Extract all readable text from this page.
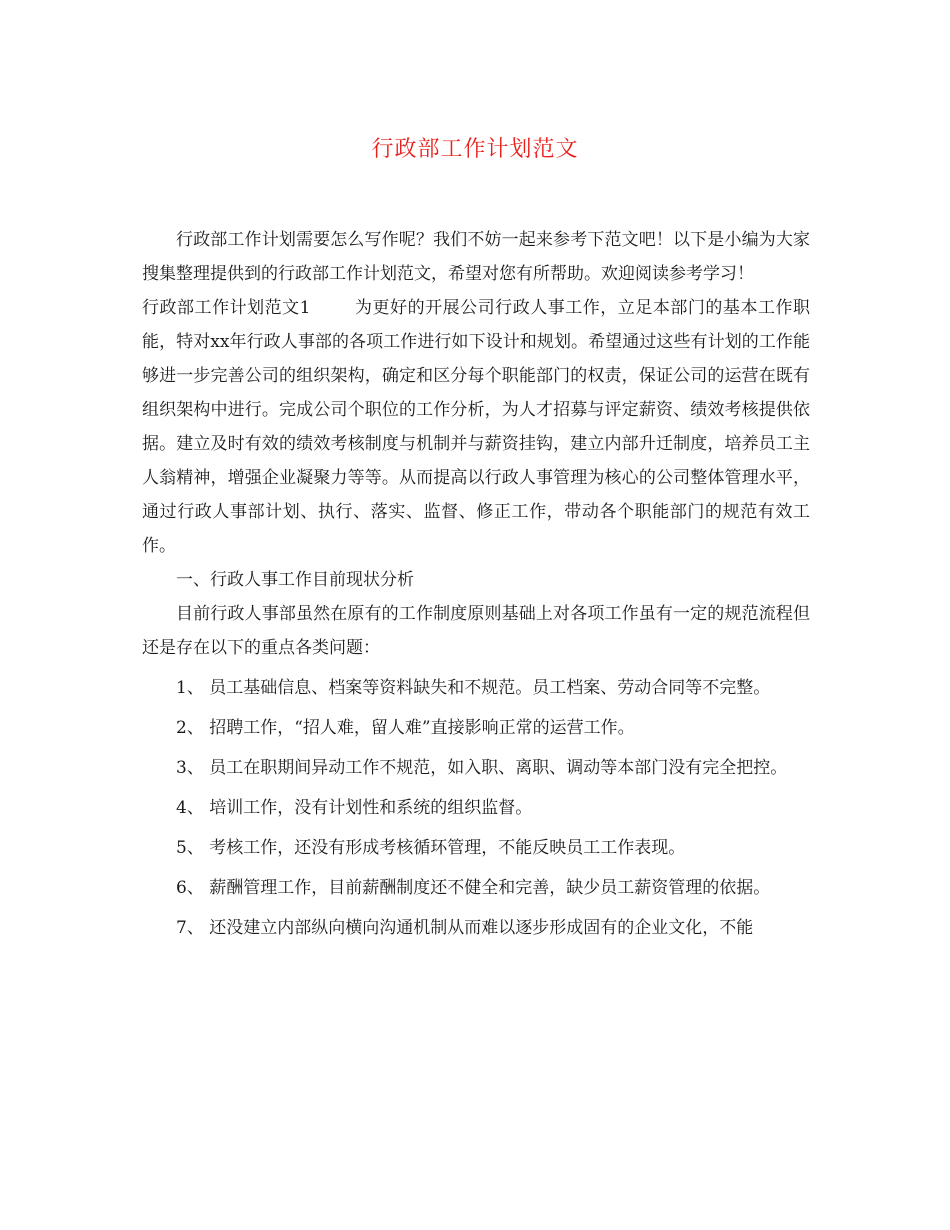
行政部工作计划范文

行政部工作计划需要怎么写作呢？我们不妨一起来参考下范文吧！以下是小编为大家搜集整理提供到的行政部工作计划范文，希望对您有所帮助。欢迎阅读参考学习！

行政部工作计划范文1	为更好的开展公司行政人事工作，立足本部门的基本工作职能，特对xx年行政人事部的各项工作进行如下设计和规划。希望通过这些有计划的工作能够进一步完善公司的组织架构，确定和区分每个职能部门的权责，保证公司的运营在既有组织架构中进行。完成公司个职位的工作分析，为人才招募与评定薪资、绩效考核提供依据。建立及时有效的绩效考核制度与机制并与薪资挂钩，建立内部升迁制度，培养员工主人翁精神，增强企业凝聚力等等。从而提高以行政人事管理为核心的公司整体管理水平，通过行政人事部计划、执行、落实、监督、修正工作，带动各个职能部门的规范有效工作。

一、行政人事工作目前现状分析

目前行政人事部虽然在原有的工作制度原则基础上对各项工作虽有一定的规范流程但还是存在以下的重点各类问题：

1、 员工基础信息、档案等资料缺失和不规范。员工档案、劳动合同等不完整。

2、 招聘工作，“招人难，留人难”直接影响正常的运营工作。

3、 员工在职期间异动工作不规范，如入职、离职、调动等本部门没有完全把控。

4、 培训工作，没有计划性和系统的组织监督。

5、 考核工作，还没有形成考核循环管理，不能反映员工工作表现。

6、 薪酬管理工作，目前薪酬制度还不健全和完善，缺少员工薪资管理的依据。

7、 还没建立内部纵向横向沟通机制从而难以逐步形成固有的企业文化，不能
